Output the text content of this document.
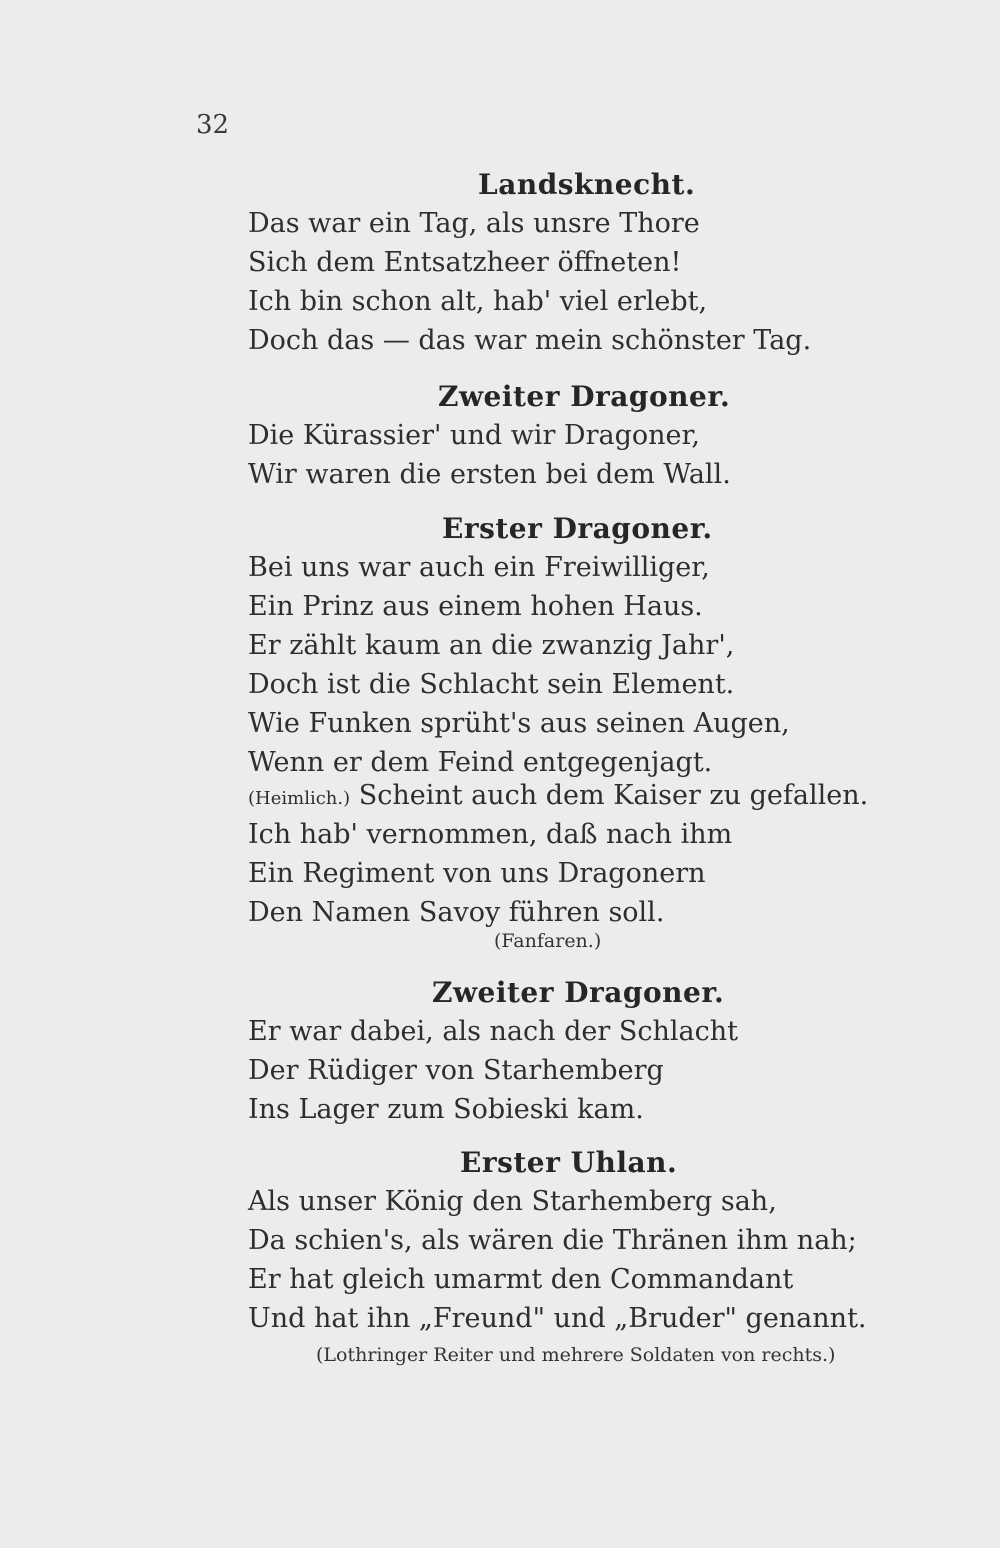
32
Landsknecht.
Das war ein Tag, als unsre Thore
Sich dem Entsatzheer öffneten!
Ich bin schon alt, hab' viel erlebt,
Doch das — das war mein schönster Tag.
Zweiter Dragoner.
Die Kürassier' und wir Dragoner,
Wir waren die ersten bei dem Wall.
Erster Dragoner.
Bei uns war auch ein Freiwilliger,
Ein Prinz aus einem hohen Haus.
Er zählt kaum an die zwanzig Jahr',
Doch ist die Schlacht sein Element.
Wie Funken sprüht's aus seinen Augen,
Wenn er dem Feind entgegenjagt.
(Heimlich.) Scheint auch dem Kaiser zu gefallen.
Ich hab' vernommen, daß nach ihm
Ein Regiment von uns Dragonern
Den Namen Savoy führen soll.
(Fanfaren.)
Zweiter Dragoner.
Er war dabei, als nach der Schlacht
Der Rüdiger von Starhemberg
Ins Lager zum Sobieski kam.
Erster Uhlan.
Als unser König den Starhemberg sah,
Da schien's, als wären die Thränen ihm nah;
Er hat gleich umarmt den Commandant
Und hat ihn „Freund" und „Bruder" genannt.
(Lothringer Reiter und mehrere Soldaten von rechts.)
